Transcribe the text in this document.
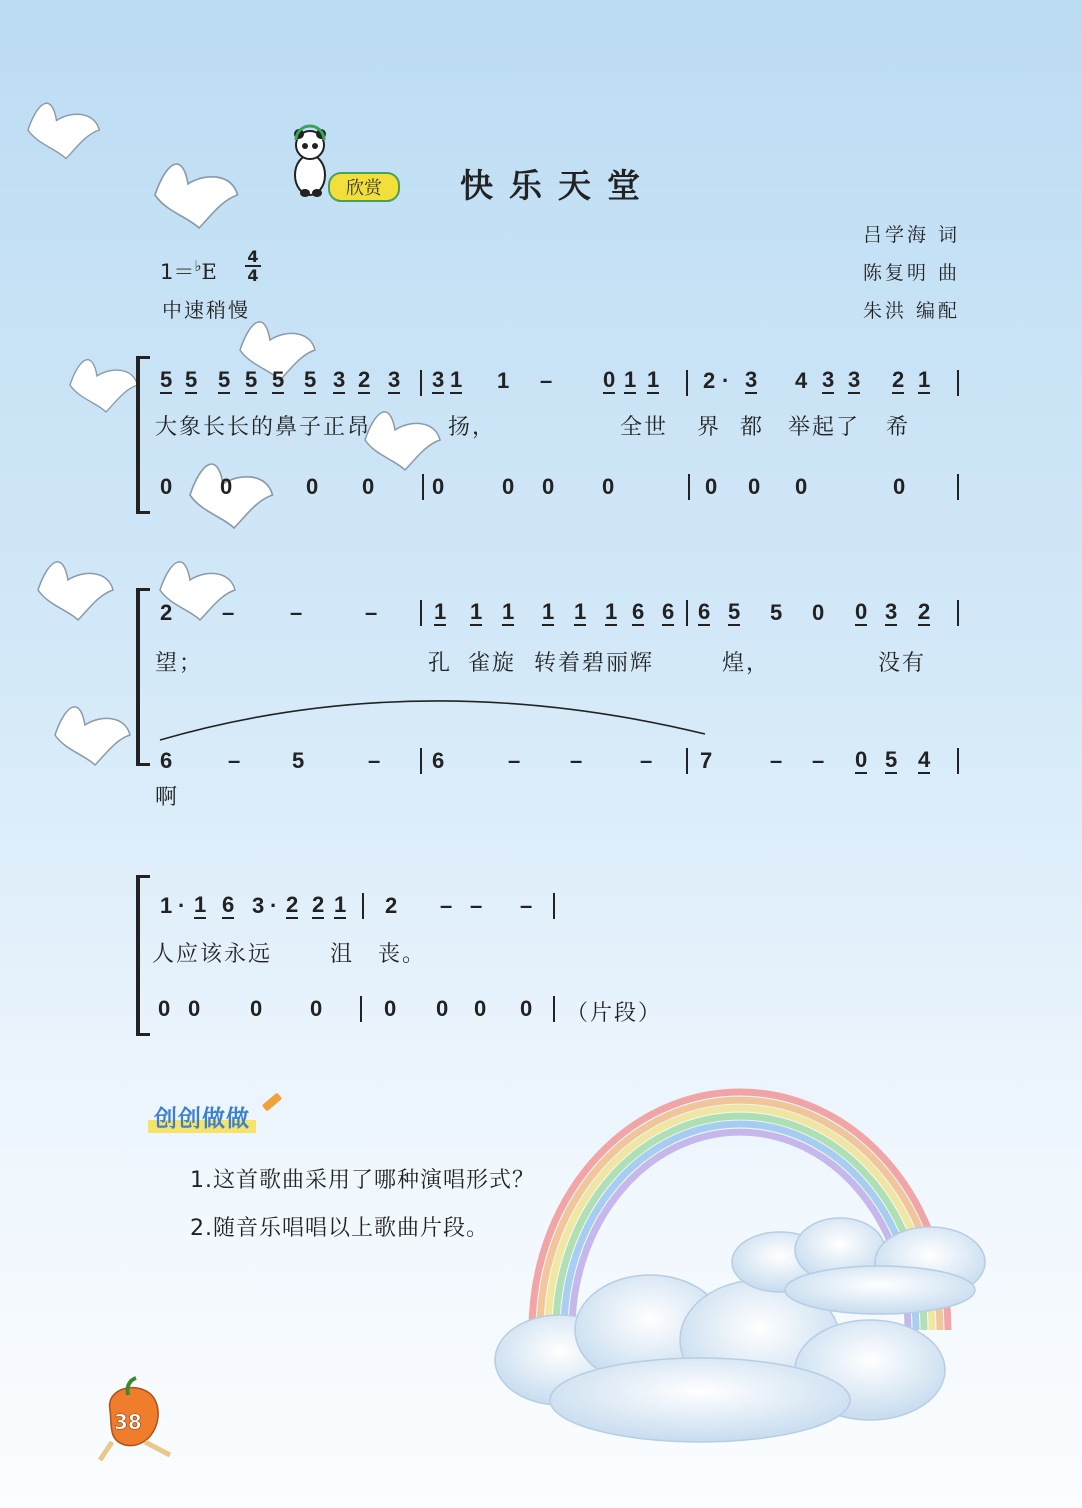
欣赏	快乐天堂
吕学海 词
陈复明 曲
朱洪 编配
1＝♭E
4
4
中速稍慢
5 5 5 5 5 5 3 2 3 3 1 1 – 0 1 1 2 · 3 4 3 3 2 1
0 0	0 0	0	0 0 0	0 0 0	0
2 –	–	–	1 1 1 1 1 1 6 6 6 5 5 0 0 3 2
6	– 5	– 6	– –	– 7	– – 0 5 4
1 · 1 6 3 · 2 2 1 2 – – –
0 0 0 0	0 0 0 0
大象长长的鼻子正昂	扬，	全世 界 都 举起了 希
望；	孔 雀旋 转着碧丽辉	煌，	没有
啊
人应该永远	沮 丧。
（片段）
创创做做
1.这首歌曲采用了哪种演唱形式？
2.随音乐唱唱以上歌曲片段。
38
